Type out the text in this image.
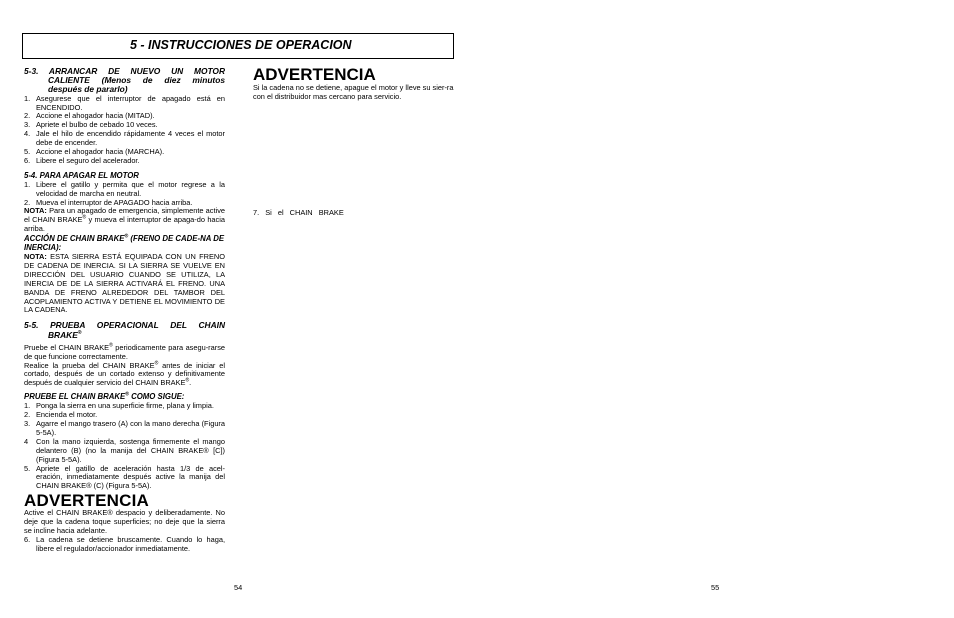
5 - INSTRUCCIONES DE OPERACION
5-3. ARRANCAR DE NUEVO UN MOTOR
CALIENTE (Menos de diez minutos
después de pararlo)
1. Asegurese que el interruptor de apagado está en ENCENDIDO.
2. Accione el ahogador hacia (MITAD).
3. Apriete el bulbo de cebado 10 veces.
4. Jale el hilo de encendido rápidamente 4 veces el motor debe de encender.
5. Accione el ahogador hacia (MARCHA).
6. Libere el seguro del acelerador.
5-4. PARA APAGAR EL MOTOR
1. Libere el gatillo y permita que el motor regrese a la velocidad de marcha en neutral.
2. Mueva el interruptor de APAGADO hacia arriba.
NOTA: Para un apagado de emergencia, simplemente active el CHAIN BRAKE® y mueva el interruptor de apaga-do hacia arriba.
ACCIÓN DE CHAIN BRAKE® (FRENO DE CADE-NA DE INERCIA):
NOTA: ESTA SIERRA ESTÁ EQUIPADA CON UN FRENO DE CADENA DE INERCIA. SI LA SIERRA SE VUELVE EN DIRECCIÓN DEL USUARIO CUANDO SE UTILIZA, LA INERCIA DE DE LA SIERRA ACTIVARÁ EL FRENO. UNA BANDA DE FRENO ALREDEDOR DEL TAMBOR DEL ACOPLAMIENTO ACTIVA Y DETIENE EL MOVIMIENTO DE LA CADENA.
5-5. PRUEBA OPERACIONAL DEL CHAIN
BRAKE®
Pruebe el CHAIN BRAKE® periodicamente para asegu-rarse de que funcione correctamente.
Realice la prueba del CHAIN BRAKE® antes de iniciar el cortado, después de un cortado extenso y definitivamente después de cualquier servicio del CHAIN BRAKE®.
PRUEBE EL CHAIN BRAKE® COMO SIGUE:
1. Ponga la sierra en una superficie firme, plana y limpia.
2. Encienda el motor.
3. Agarre el mango trasero (A) con la mano derecha (Figura 5-5A).
4 Con la mano izquierda, sostenga firmemente el mango delantero (B) (no la manija del CHAIN BRAKE® [C]) (Figura 5-5A).
5. Apriete el gatillo de aceleración hasta 1/3 de acel-eración, inmediatamente después active la manija del CHAIN BRAKE® (C) (Figura 5-5A).
ADVERTENCIA
Active el CHAIN BRAKE® despacio y deliberadamente. No deje que la cadena toque superficies; no deje que la sierra se incline hacia adelante.
6. La cadena se detiene bruscamente. Cuando lo haga, libere el regulador/accionador inmediatamente.
ADVERTENCIA
Si la cadena no se detiene, apague el motor y lleve su sier-ra con el distribuidor mas cercano para servicio.
7. Si el CHAIN BRAKE
54	55
